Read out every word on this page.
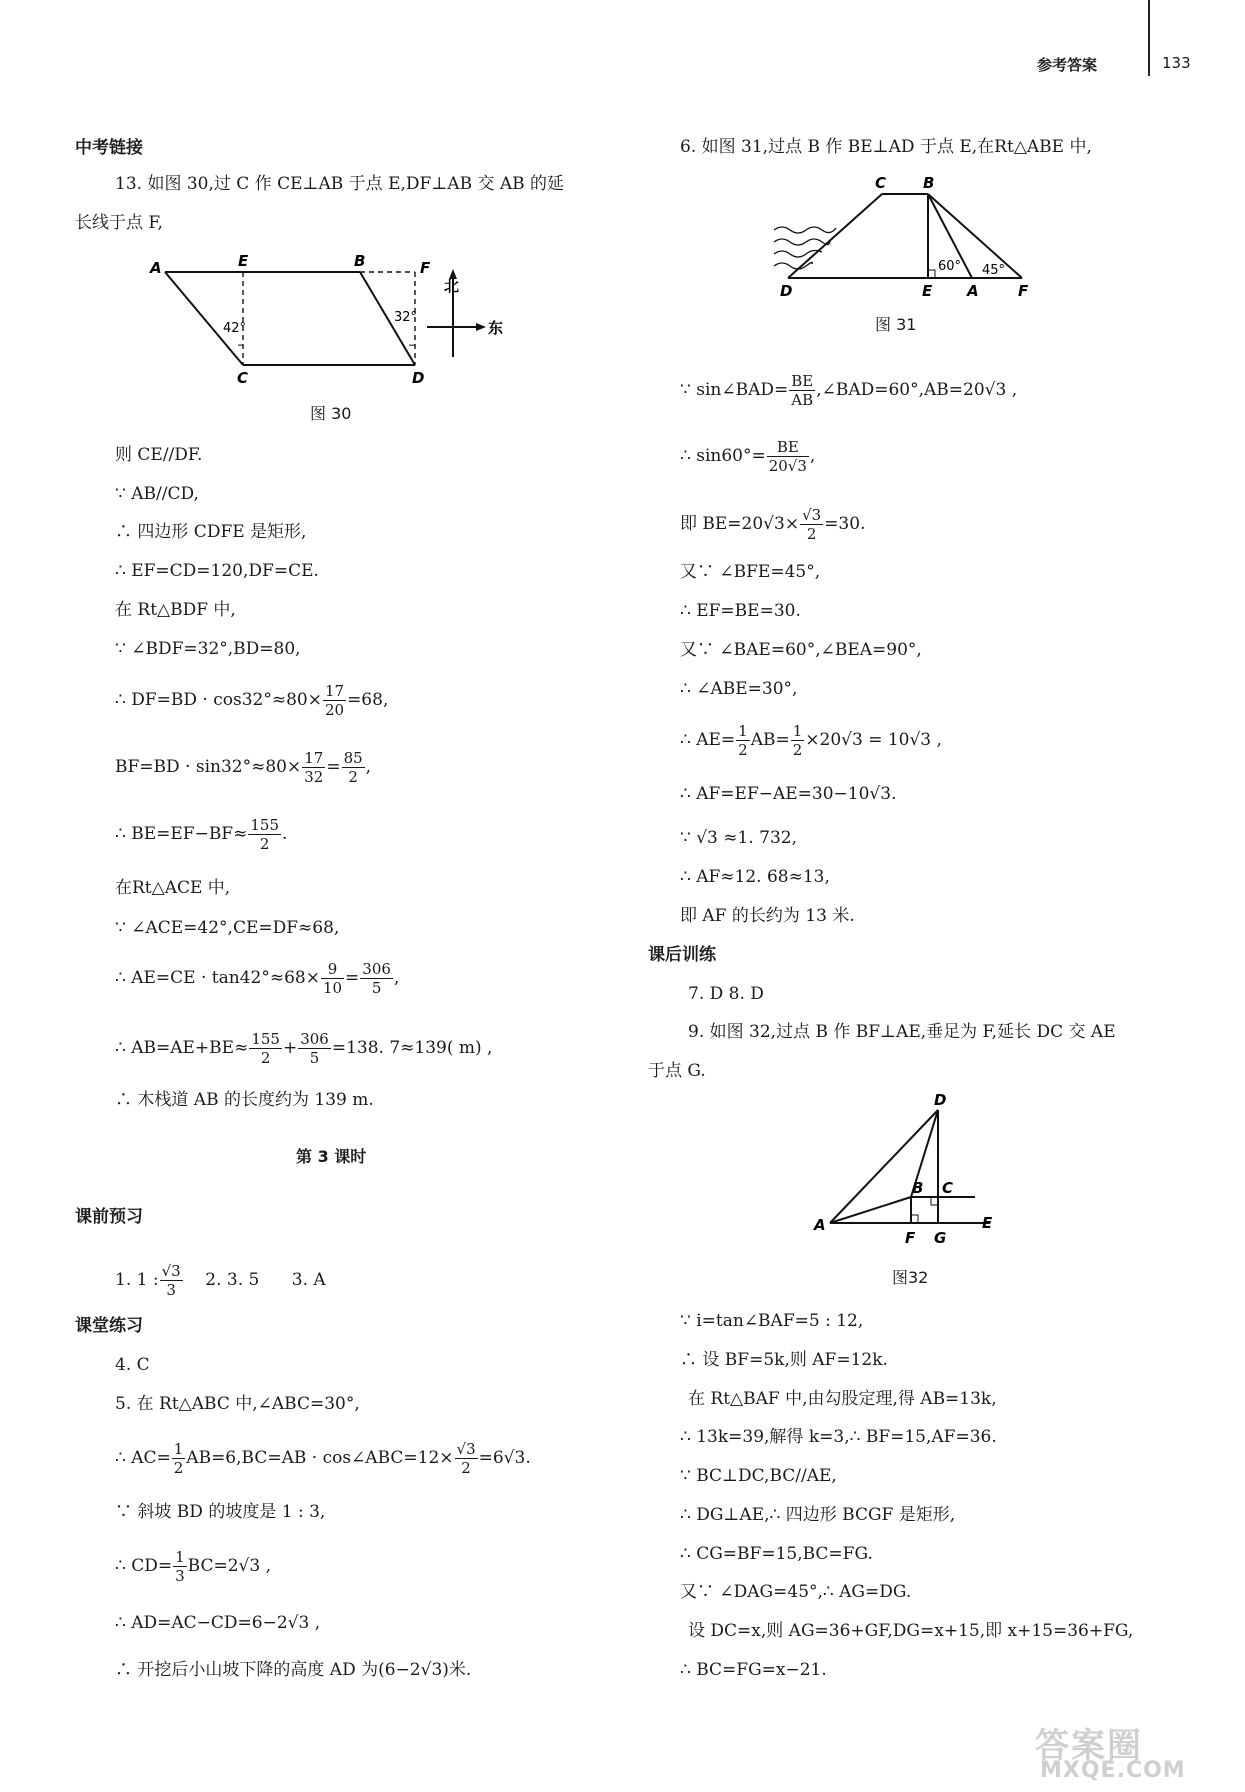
参考答案	133
中考链接
13. 如图 30,过 C 作 CE⊥AB 于点 E,DF⊥AB 交 AB 的延
长线于点 F,
A	E	B	F
C	D
42°
32°
北
东
图 30
则 CE//DF.
∵ AB//CD,
∴ 四边形 CDFE 是矩形,
∴ EF=CD=120,DF=CE.
在 Rt△BDF 中,
∵ ∠BDF=32°,BD=80,
∴ $DF=BD \cdot \cos 32^\circ\approx 80\times \frac{17}{20} =68$,
$BF=BD \cdot \sin 32^\circ\approx 80\times \frac{17}{32} = \frac{85}{2}$ ,
∴ $BE=EF-BF\approx \frac{155}{2}$ .
在Rt△ACE 中,
∵ ∠ACE=42°,CE=DF≈68,
∴ $AE=CE \cdot \tan 42^\circ\approx 68\times \frac{9}{10} = \frac{306}{5}$ ,
∴ $AB=AE+BE\approx \frac{155}{2} + \frac{306}{5} =138$. 7≈139( m) ,
∴ 木栈道 AB 的长度约为 139 m.
第 3 课时
课前预习
1. 1 : $\frac{√3}{3} 2$. 3. 5      3. A
课堂练习
4. C
5. 在 Rt△ABC 中,∠ABC=30°,
∴ $AC= \frac{1}{2} AB=6,BC=AB$ · cos∠ABC=12× $\frac{√3}{2} =6√3$.
∵ 斜坡 BD 的坡度是 1 : 3,
∴ $CD= \frac{1}{3} BC=2√3$ ,
∴ AD=AC−CD=6−2√3 ,
∴ 开挖后小山坡下降的高度 AD 为(6−2√3)米.
6. 如图 31,过点 B 作 BE⊥AD 于点 E,在Rt△ABE 中,
C B
D	E A	F
60° 45°
图 31
∵ sin∠BAD= $\frac{BE}{AB}$ ,∠BAD=60°,AB=20√3 ,
∴ $\sin 60^\circ= \frac{BE}{20√3}$ ,
即 $BE=20√3\times \frac{√3}{2} =30$.
又∵ ∠BFE=45°,
∴ EF=BE=30.
又∵ ∠BAE=60°,∠BEA=90°,
∴ ∠ABE=30°,
∴ $AE= \frac{1}{2} AB= \frac{1}{2} \times 20√3 = 10√3$ ,
∴ AF=EF−AE=30−10√3.
∵ √3 ≈1. 732,
∴ AF≈12. 68≈13,
即 AF 的长约为 13 米.
课后训练
7. D 8. D
9. 如图 32,过点 B 作 BF⊥AE,垂足为 F,延长 DC 交 AE
于点 G.
D
A
B C
E
F G
图32
∵ i=tan∠BAF=5 : 12,
∴ 设 BF=5k,则 AF=12k.
在 Rt△BAF 中,由勾股定理,得 AB=13k,
∴ 13k=39,解得 k=3,∴ BF=15,AF=36.
∵ BC⊥DC,BC//AE,
∴ DG⊥AE,∴ 四边形 BCGF 是矩形,
∴ CG=BF=15,BC=FG.
又∵ ∠DAG=45°,∴ AG=DG.
设 DC=x,则 AG=36+GF,DG=x+15,即 x+15=36+FG,
∴ BC=FG=x−21.
答案圈
MXQE.COM
